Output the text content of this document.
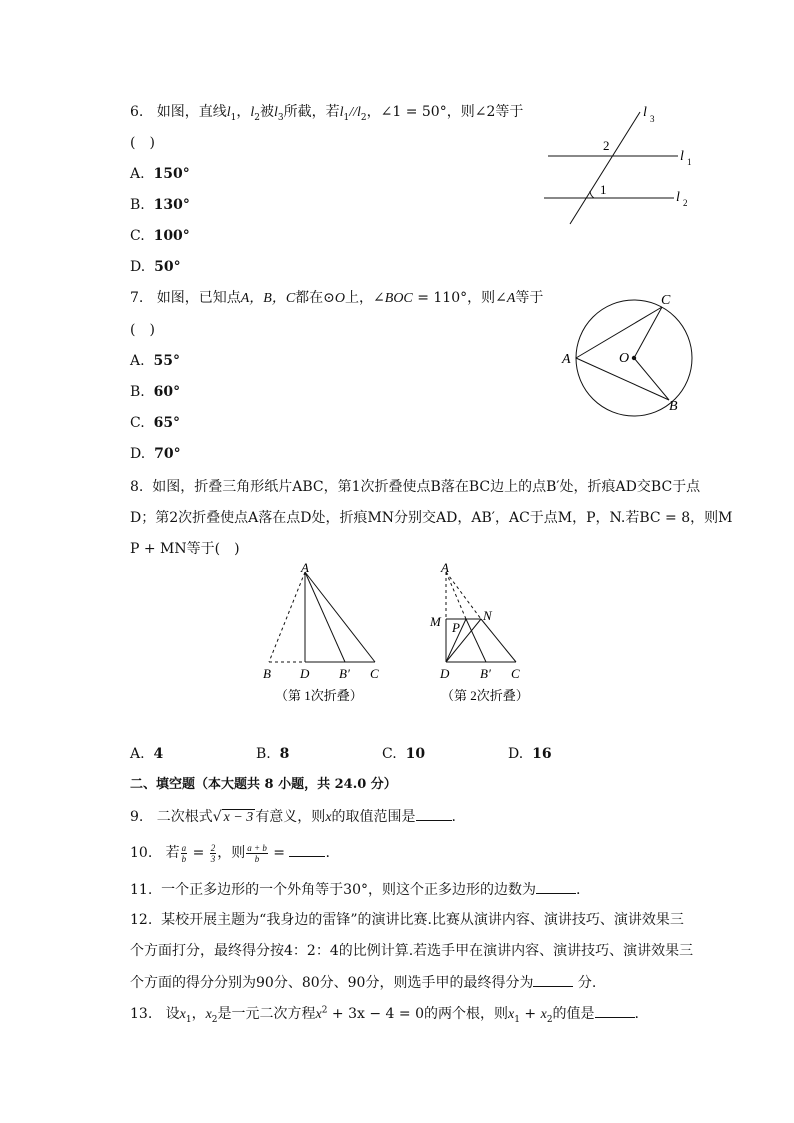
6. 如图，直线$l_1$，$l_2$被$l_3$所截，若$l_1//l_2$，∠1 = 50°，则∠2等于
(　)
A. 150°
B. 130°
C. 100°
D. 50°
2
1
l 3
l 1
l 2
7. 如图，已知点A，B，C都在⊙O上，∠BOC = 110°，则∠A等于
(　)
A. 55°
B. 60°
C. 65°
D. 70°
A	O
C
B
8. 如图，折叠三角形纸片ABC，第1次折叠使点B落在BC边上的点B′处，折痕AD交BC于点
D；第2次折叠使点A落在点D处，折痕MN分别交AD，AB′，AC于点M，P，N.若BC = 8，则M
P + MN等于(　)
A
B D B′ C
（第 1次折叠）
A
M	N
P
D B′ C
（第 2次折叠）
A. 4	B. 8	C. 10	D. 16
二、填空题（本大题共 8 小题，共 24.0 分）
9. 二次根式√ x − 3 有意义，则x的取值范围是	.
10. 若 $\frac{a}{b} = \frac{2}{3}$ ，则 $\frac{a + b}{b}$ =	.
11. 一个正多边形的一个外角等于30°，则这个正多边形的边数为	.
12. 某校开展主题为“我身边的雷锋”的演讲比赛.比赛从演讲内容、演讲技巧、演讲效果三
个方面打分，最终得分按4：2：4的比例计算.若选手甲在演讲内容、演讲技巧、演讲效果三
个方面的得分分别为90分、80分、90分，则选手甲的最终得分为	分.
13. 设$x_1$，$x_2$是一元二次方程$x^2 + 3x - 4 = 0$的两个根，则$x_1 + x_2$的值是	.
